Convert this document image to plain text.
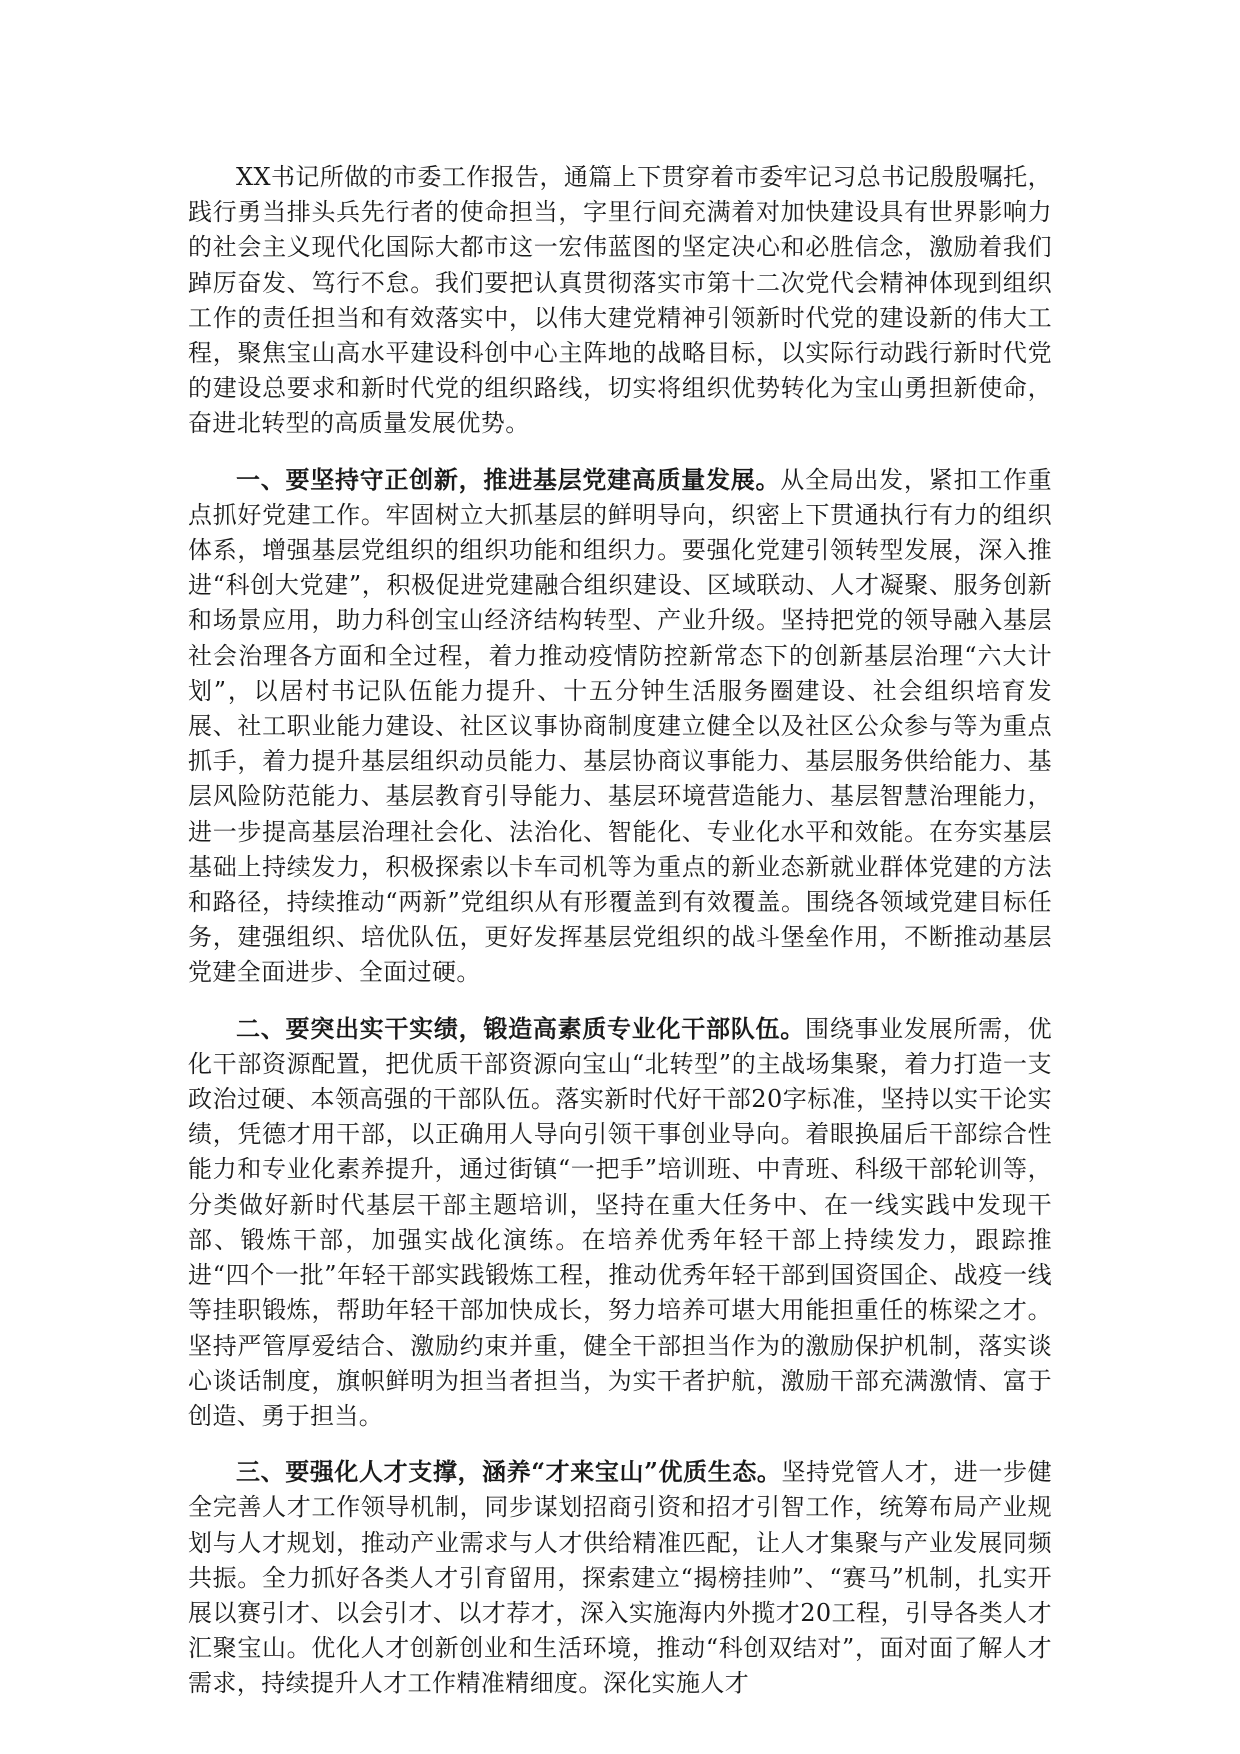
XX书记所做的市委工作报告，通篇上下贯穿着市委牢记习总书记殷殷嘱托，践行勇当排头兵先行者的使命担当，字里行间充满着对加快建设具有世界影响力的社会主义现代化国际大都市这一宏伟蓝图的坚定决心和必胜信念，激励着我们踔厉奋发、笃行不怠。我们要把认真贯彻落实市第十二次党代会精神体现到组织工作的责任担当和有效落实中，以伟大建党精神引领新时代党的建设新的伟大工程，聚焦宝山高水平建设科创中心主阵地的战略目标，以实际行动践行新时代党的建设总要求和新时代党的组织路线，切实将组织优势转化为宝山勇担新使命，奋进北转型的高质量发展优势。

一、要坚持守正创新，推进基层党建高质量发展。从全局出发，紧扣工作重点抓好党建工作。牢固树立大抓基层的鲜明导向，织密上下贯通执行有力的组织体系，增强基层党组织的组织功能和组织力。要强化党建引领转型发展，深入推进“科创大党建”，积极促进党建融合组织建设、区域联动、人才凝聚、服务创新和场景应用，助力科创宝山经济结构转型、产业升级。坚持把党的领导融入基层社会治理各方面和全过程，着力推动疫情防控新常态下的创新基层治理“六大计划”，以居村书记队伍能力提升、十五分钟生活服务圈建设、社会组织培育发展、社工职业能力建设、社区议事协商制度建立健全以及社区公众参与等为重点抓手，着力提升基层组织动员能力、基层协商议事能力、基层服务供给能力、基层风险防范能力、基层教育引导能力、基层环境营造能力、基层智慧治理能力，进一步提高基层治理社会化、法治化、智能化、专业化水平和效能。在夯实基层基础上持续发力，积极探索以卡车司机等为重点的新业态新就业群体党建的方法和路径，持续推动“两新”党组织从有形覆盖到有效覆盖。围绕各领域党建目标任务，建强组织、培优队伍，更好发挥基层党组织的战斗堡垒作用，不断推动基层党建全面进步、全面过硬。

二、要突出实干实绩，锻造高素质专业化干部队伍。围绕事业发展所需，优化干部资源配置，把优质干部资源向宝山“北转型”的主战场集聚，着力打造一支政治过硬、本领高强的干部队伍。落实新时代好干部20字标准，坚持以实干论实绩，凭德才用干部，以正确用人导向引领干事创业导向。着眼换届后干部综合性能力和专业化素养提升，通过街镇“一把手”培训班、中青班、科级干部轮训等，分类做好新时代基层干部主题培训，坚持在重大任务中、在一线实践中发现干部、锻炼干部，加强实战化演练。在培养优秀年轻干部上持续发力，跟踪推进“四个一批”年轻干部实践锻炼工程，推动优秀年轻干部到国资国企、战疫一线等挂职锻炼，帮助年轻干部加快成长，努力培养可堪大用能担重任的栋梁之才。坚持严管厚爱结合、激励约束并重，健全干部担当作为的激励保护机制，落实谈心谈话制度，旗帜鲜明为担当者担当，为实干者护航，激励干部充满激情、富于创造、勇于担当。

三、要强化人才支撑，涵养“才来宝山”优质生态。坚持党管人才，进一步健全完善人才工作领导机制，同步谋划招商引资和招才引智工作，统筹布局产业规划与人才规划，推动产业需求与人才供给精准匹配，让人才集聚与产业发展同频共振。全力抓好各类人才引育留用，探索建立“揭榜挂帅”、“赛马”机制，扎实开展以赛引才、以会引才、以才荐才，深入实施海内外揽才20工程，引导各类人才汇聚宝山。优化人才创新创业和生活环境，推动“科创双结对”，面对面了解人才需求，持续提升人才工作精准精细度。深化实施人才
